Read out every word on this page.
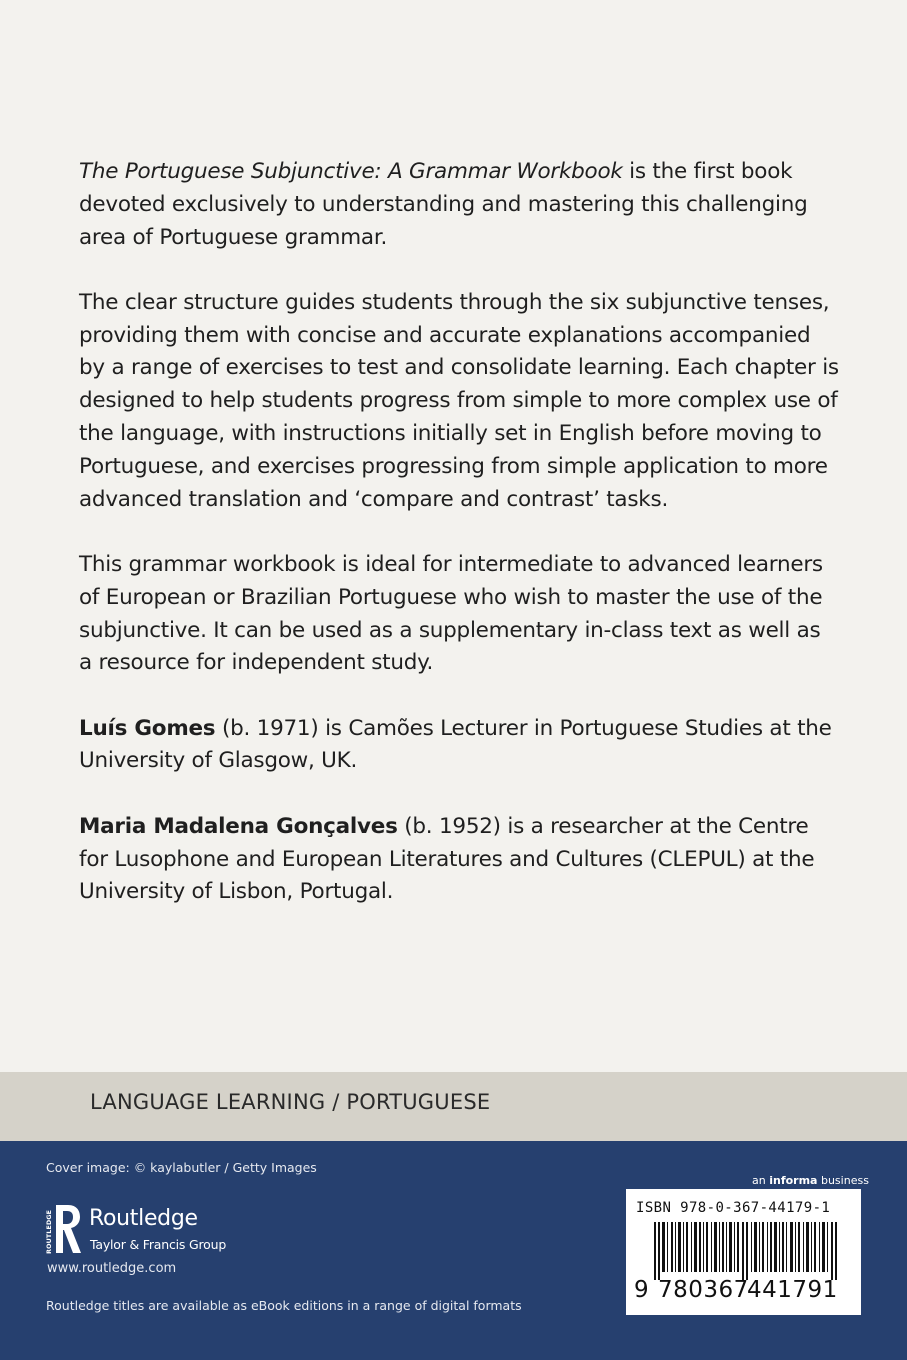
The Portuguese Subjunctive: A Grammar Workbook is the first book devoted exclusively to understanding and mastering this challenging area of Portuguese grammar.

The clear structure guides students through the six subjunctive tenses, providing them with concise and accurate explanations accompanied by a range of exercises to test and consolidate learning. Each chapter is designed to help students progress from simple to more complex use of the language, with instructions initially set in English before moving to Portuguese, and exercises progressing from simple application to more advanced translation and ‘compare and contrast’ tasks.

This grammar workbook is ideal for intermediate to advanced learners of European or Brazilian Portuguese who wish to master the use of the subjunctive. It can be used as a supplementary in-class text as well as a resource for independent study.

Luís Gomes (b. 1971) is Camões Lecturer in Portuguese Studies at the University of Glasgow, UK.

Maria Madalena Gonçalves (b. 1952) is a researcher at the Centre for Lusophone and European Literatures and Cultures (CLEPUL) at the University of Lisbon, Portugal.

LANGUAGE LEARNING / PORTUGUESE
Cover image: © kaylabutler / Getty Images
ROUTLEDGE Routledge
Taylor & Francis Group
www.routledge.com
Routledge titles are available as eBook editions in a range of digital formats
an informa business
ISBN 978-0-367-44179-1
9 780367
441791
